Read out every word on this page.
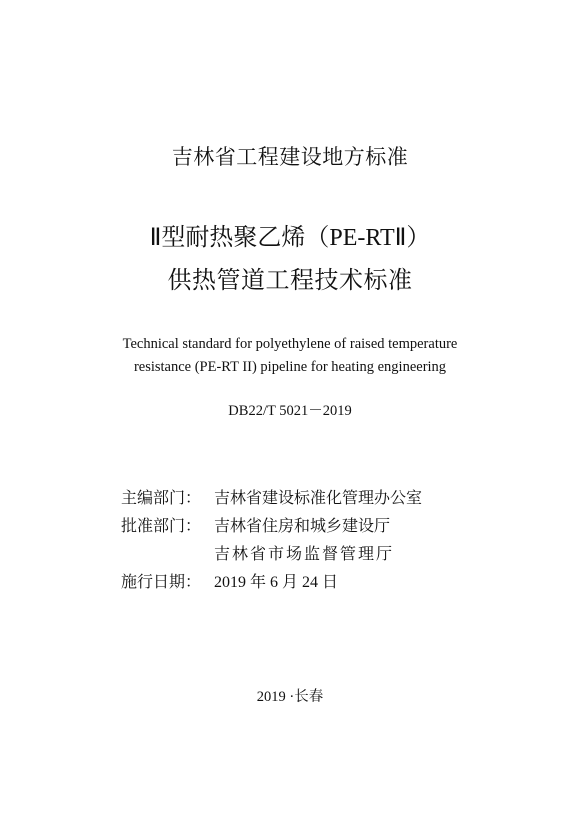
吉林省工程建设地方标准
Ⅱ型耐热聚乙烯（PE-RTⅡ）
供热管道工程技术标准
Technical standard for polyethylene of raised temperature
resistance (PE-RT II) pipeline for heating engineering
DB22/T 5021－2019
主编部门： 吉林省建设标准化管理办公室
批准部门： 吉林省住房和城乡建设厅
吉林省市场监督管理厅
施行日期： 2019 年 6 月 24 日
2019 ·长春
